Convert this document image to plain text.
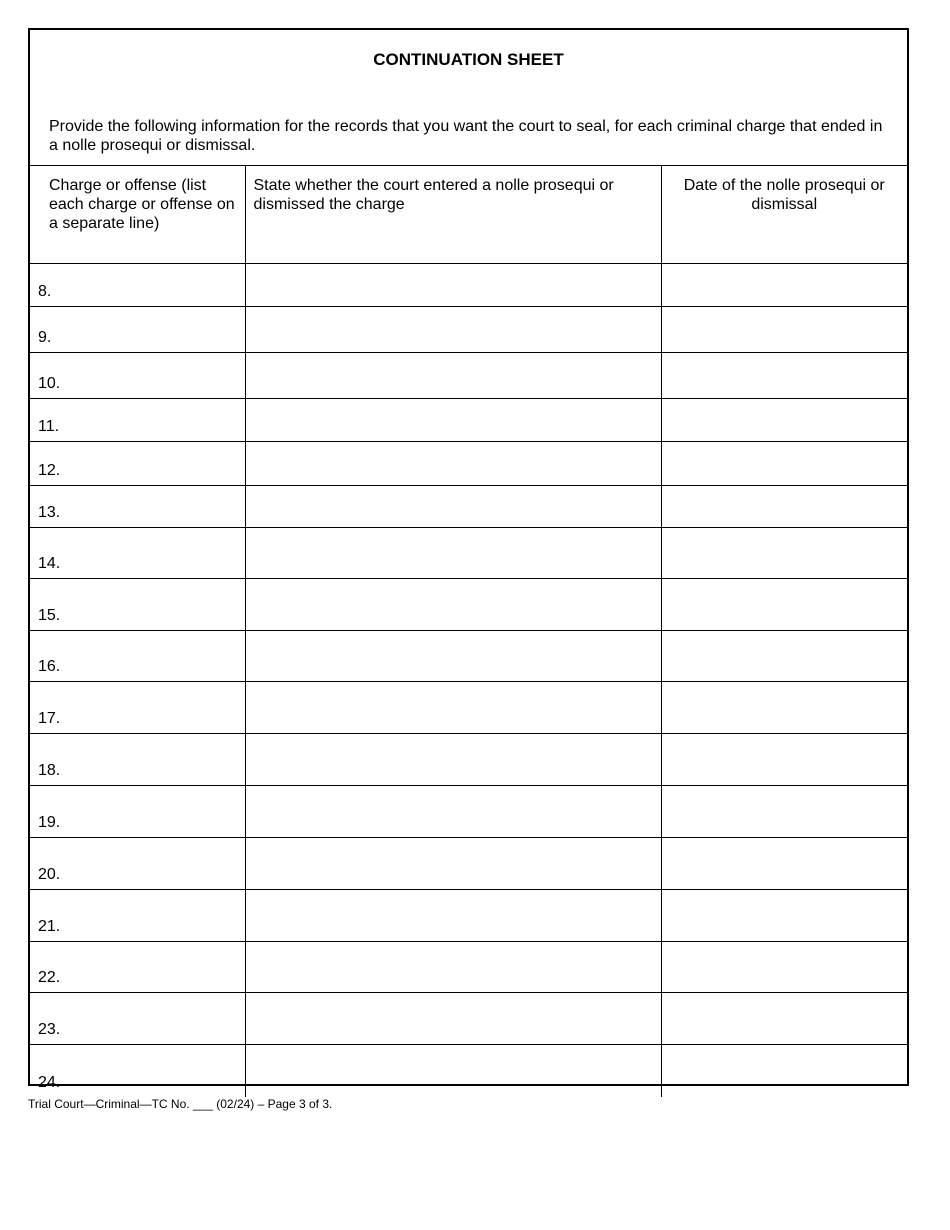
CONTINUATION SHEET
Provide the following information for the records that you want the court to seal, for each criminal charge that ended in a nolle prosequi or dismissal.
Charge or offense (list each charge or offense on a separate line)	State whether the court entered a nolle prosequi or dismissed the charge	Date of the nolle prosequi or dismissal
8.		
9.		
10.		
11.		
12.		
13.		
14.		
15.		
16.		
17.		
18.		
19.		
20.		
21.		
22.		
23.		
24.		
Trial Court—Criminal—TC No. ___ (02/24) – Page 3 of 3.
